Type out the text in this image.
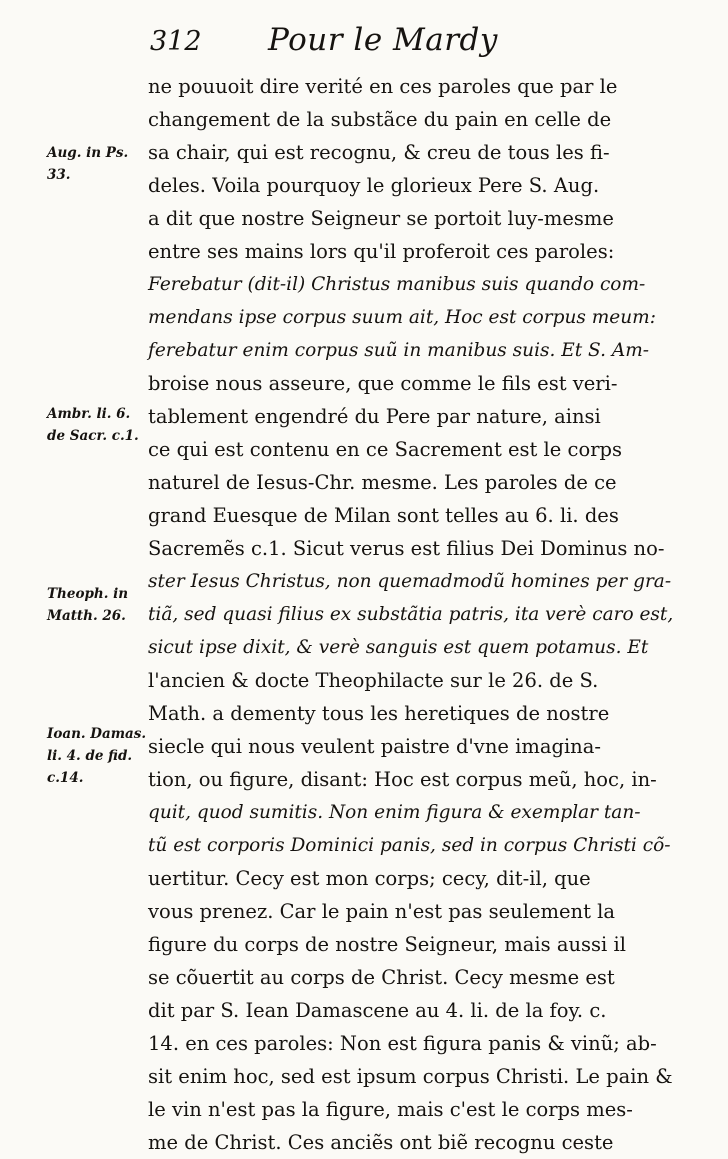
312 Pour le Mardy
ne pouuoit dire verité en ces paroles que par le
changement de la substãce du pain en celle de
sa chair, qui est recognu, & creu de tous les fi-
deles. Voila pourquoy le glorieux Pere S. Aug.
a dit que nostre Seigneur se portoit luy-mesme
entre ses mains lors qu'il proferoit ces paroles:
Ferebatur (dit-il) Christus manibus suis quando com-
mendans ipse corpus suum ait, Hoc est corpus meum:
ferebatur enim corpus suũ in manibus suis. Et S. Am-
broise nous asseure, que comme le fils est veri-
tablement engendré du Pere par nature, ainsi
ce qui est contenu en ce Sacrement est le corps
naturel de Iesus-Chr. mesme. Les paroles de ce
grand Euesque de Milan sont telles au 6. li. des
Sacremẽs c.1. Sicut verus est filius Dei Dominus no-
ster Iesus Christus, non quemadmodũ homines per gra-
tiã, sed quasi filius ex substãtia patris, ita verè caro est,
sicut ipse dixit, & verè sanguis est quem potamus. Et
l'ancien & docte Theophilacte sur le 26. de S.
Math. a dementy tous les heretiques de nostre
siecle qui nous veulent paistre d'vne imagina-
tion, ou figure, disant: Hoc est corpus meũ, hoc, in-
quit, quod sumitis. Non enim figura & exemplar tan-
tũ est corporis Dominici panis, sed in corpus Christi cõ-
uertitur. Cecy est mon corps; cecy, dit-il, que
vous prenez. Car le pain n'est pas seulement la
figure du corps de nostre Seigneur, mais aussi il
se cõuertit au corps de Christ. Cecy mesme est
dit par S. Iean Damascene au 4. li. de la foy. c.
14. en ces paroles: Non est figura panis & vinũ; ab-
sit enim hoc, sed est ipsum corpus Christi. Le pain &
le vin n'est pas la figure, mais c'est le corps mes-
me de Christ. Ces anciẽs ont biẽ recognu ceste
Aug. in Ps.
33.
Ambr. li. 6.
de Sacr. c.1.
Theoph. in
Matth. 26.
Ioan. Damas.
li. 4. de fid.
c.14.
